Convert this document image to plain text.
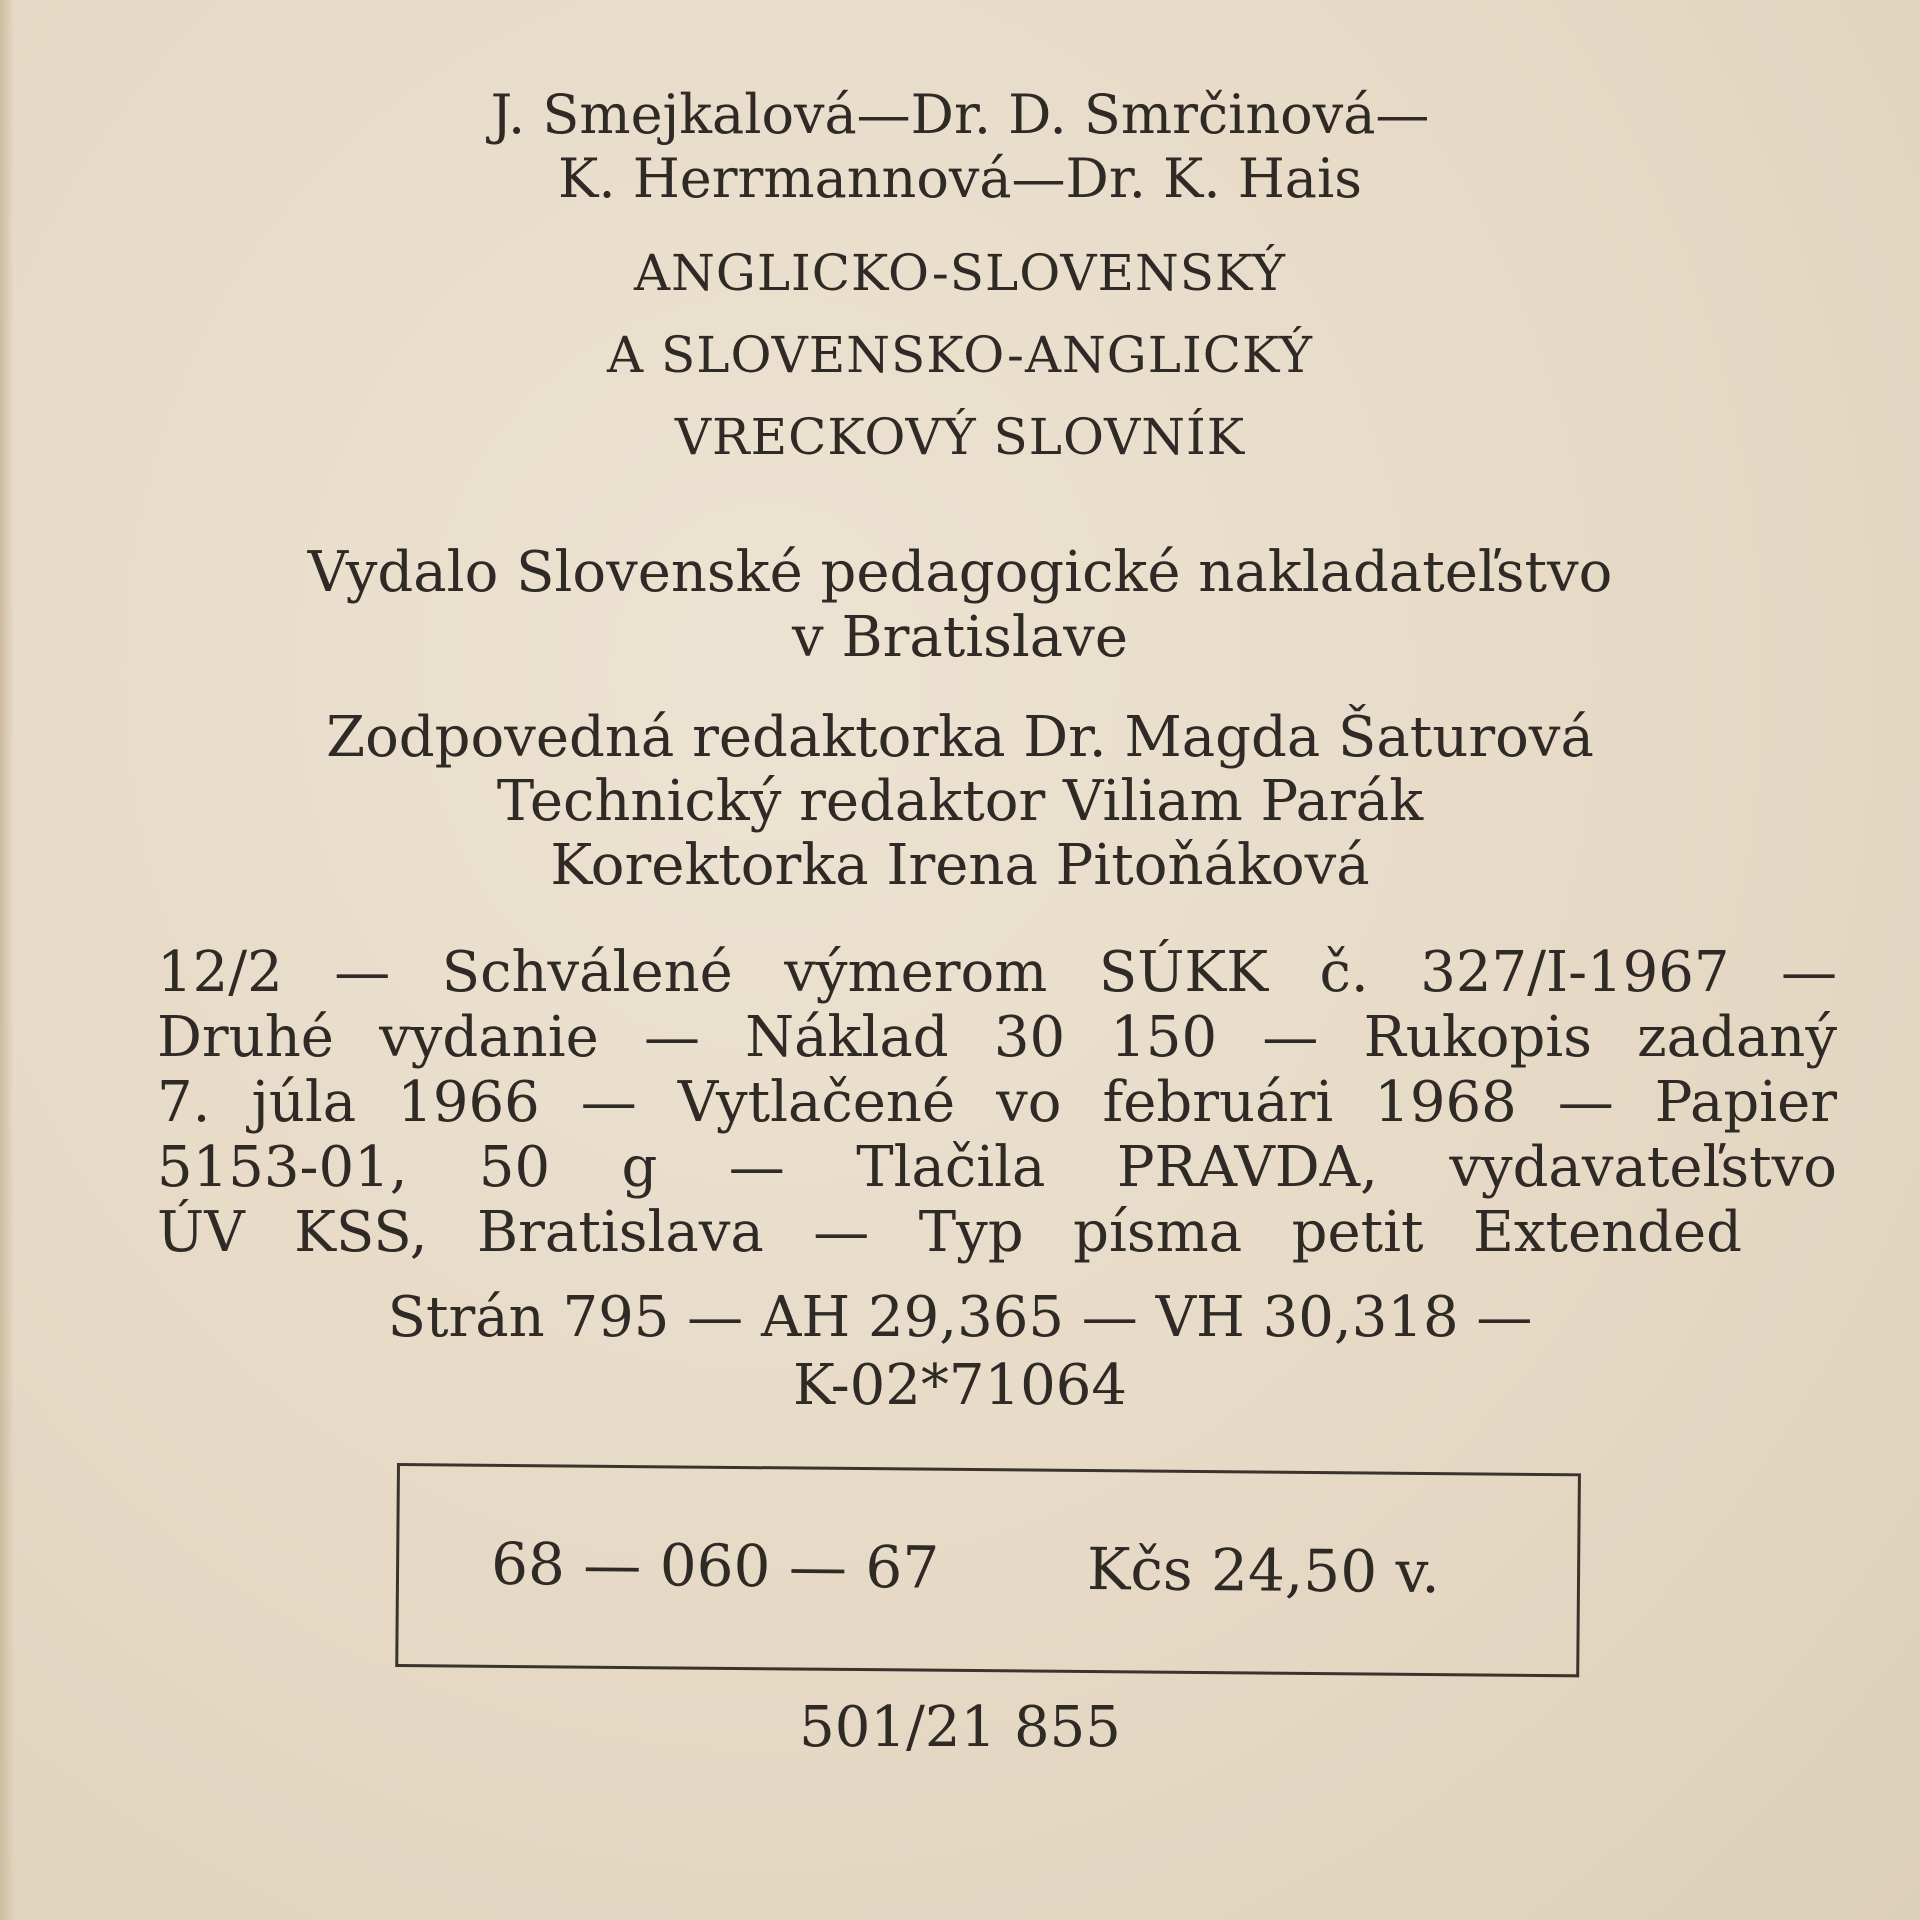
J. Smejkalová—Dr. D. Smrčinová—
K. Herrmannová—Dr. K. Hais
ANGLICKO-SLOVENSKÝ
A SLOVENSKO-ANGLICKÝ
VRECKOVÝ SLOVNÍK
Vydalo Slovenské pedagogické nakladateľstvo
v Bratislave
Zodpovedná redaktorka Dr. Magda Šaturová
Technický redaktor Viliam Parák
Korektorka Irena Pitoňáková
12/2 — Schválené výmerom SÚKK č. 327/I-1967 —
Druhé vydanie — Náklad 30 150 — Rukopis zadaný
7. júla 1966 — Vytlačené vo februári 1968 — Papier
5153-01, 50 g — Tlačila PRAVDA, vydavateľstvo
ÚV KSS, Bratislava — Typ písma petit Extended
Strán 795 — AH 29,365 — VH 30,318 —
K-02*71064
68 — 060 — 67	Kčs 24,50 v.
501/21 855
